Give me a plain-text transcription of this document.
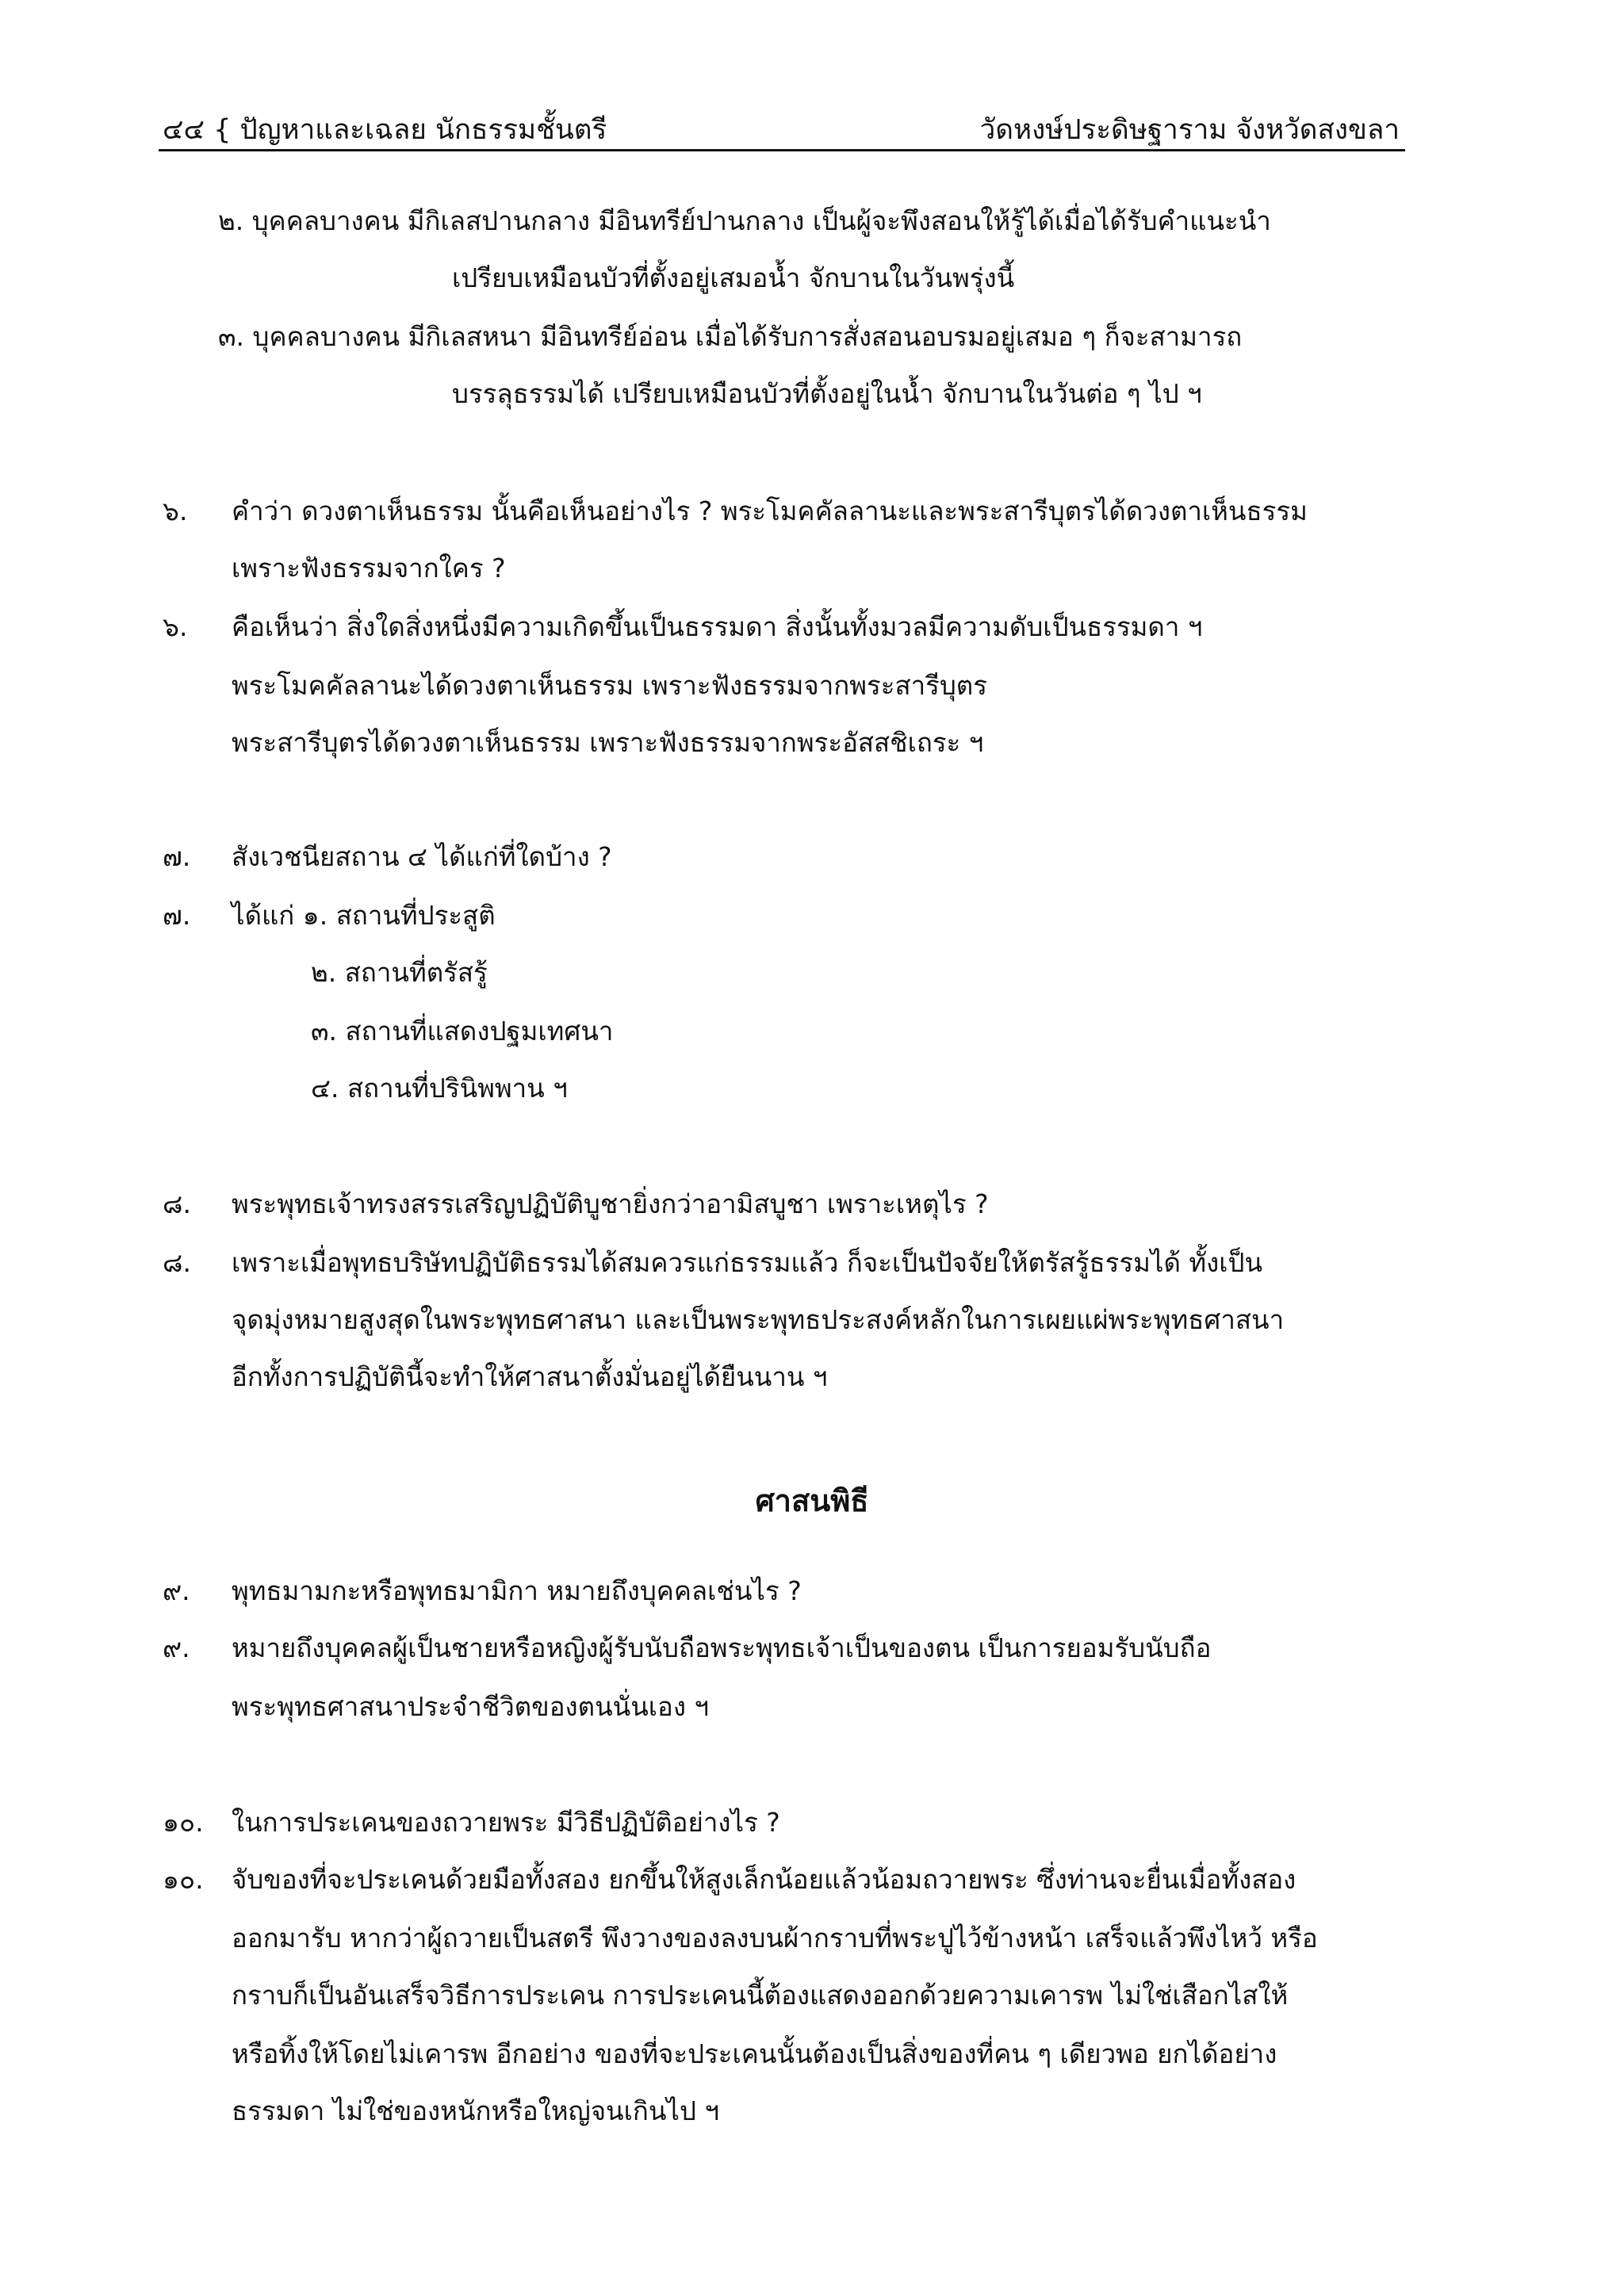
๔๔ { ปัญหาและเฉลย นักธรรมชั้นตรี	วัดหงษ์ประดิษฐาราม จังหวัดสงขลา
๒. บุคคลบางคน มีกิเลสปานกลาง มีอินทรีย์ปานกลาง เป็นผู้จะพึงสอนให้รู้ได้เมื่อได้รับคำแนะนำ
เปรียบเหมือนบัวที่ตั้งอยู่เสมอน้ำ จักบานในวันพรุ่งนี้
๓. บุคคลบางคน มีกิเลสหนา มีอินทรีย์อ่อน เมื่อได้รับการสั่งสอนอบรมอยู่เสมอ ๆ ก็จะสามารถ
บรรลุธรรมได้ เปรียบเหมือนบัวที่ตั้งอยู่ในน้ำ จักบานในวันต่อ ๆ ไป ฯ
๖. คำว่า ดวงตาเห็นธรรม นั้นคือเห็นอย่างไร ? พระโมคคัลลานะและพระสารีบุตรได้ดวงตาเห็นธรรม
เพราะฟังธรรมจากใคร ?
๖. คือเห็นว่า สิ่งใดสิ่งหนึ่งมีความเกิดขึ้นเป็นธรรมดา สิ่งนั้นทั้งมวลมีความดับเป็นธรรมดา ฯ
พระโมคคัลลานะได้ดวงตาเห็นธรรม เพราะฟังธรรมจากพระสารีบุตร
พระสารีบุตรได้ดวงตาเห็นธรรม เพราะฟังธรรมจากพระอัสสชิเถระ ฯ
๗. สังเวชนียสถาน ๔ ได้แก่ที่ใดบ้าง ?
๗. ได้แก่ ๑. สถานที่ประสูติ
๒. สถานที่ตรัสรู้
๓. สถานที่แสดงปฐมเทศนา
๔. สถานที่ปรินิพพาน ฯ
๘. พระพุทธเจ้าทรงสรรเสริญปฏิบัติบูชายิ่งกว่าอามิสบูชา เพราะเหตุไร ?
๘. เพราะเมื่อพุทธบริษัทปฏิบัติธรรมได้สมควรแก่ธรรมแล้ว ก็จะเป็นปัจจัยให้ตรัสรู้ธรรมได้ ทั้งเป็น
จุดมุ่งหมายสูงสุดในพระพุทธศาสนา และเป็นพระพุทธประสงค์หลักในการเผยแผ่พระพุทธศาสนา
อีกทั้งการปฏิบัตินี้จะทำให้ศาสนาตั้งมั่นอยู่ได้ยืนนาน ฯ
ศาสนพิธี
๙. พุทธมามกะหรือพุทธมามิกา หมายถึงบุคคลเช่นไร ?
๙. หมายถึงบุคคลผู้เป็นชายหรือหญิงผู้รับนับถือพระพุทธเจ้าเป็นของตน เป็นการยอมรับนับถือ
พระพุทธศาสนาประจำชีวิตของตนนั่นเอง ฯ
๑๐. ในการประเคนของถวายพระ มีวิธีปฏิบัติอย่างไร ?
๑๐. จับของที่จะประเคนด้วยมือทั้งสอง ยกขึ้นให้สูงเล็กน้อยแล้วน้อมถวายพระ ซึ่งท่านจะยื่นเมื่อทั้งสอง
ออกมารับ หากว่าผู้ถวายเป็นสตรี พึงวางของลงบนผ้ากราบที่พระปูไว้ข้างหน้า เสร็จแล้วพึงไหว้ หรือ
กราบก็เป็นอันเสร็จวิธีการประเคน การประเคนนี้ต้องแสดงออกด้วยความเคารพ ไม่ใช่เสือกไสให้
หรือทิ้งให้โดยไม่เคารพ อีกอย่าง ของที่จะประเคนนั้นต้องเป็นสิ่งของที่คน ๆ เดียวพอ ยกได้อย่าง
ธรรมดา ไม่ใช่ของหนักหรือใหญ่จนเกินไป ฯ
